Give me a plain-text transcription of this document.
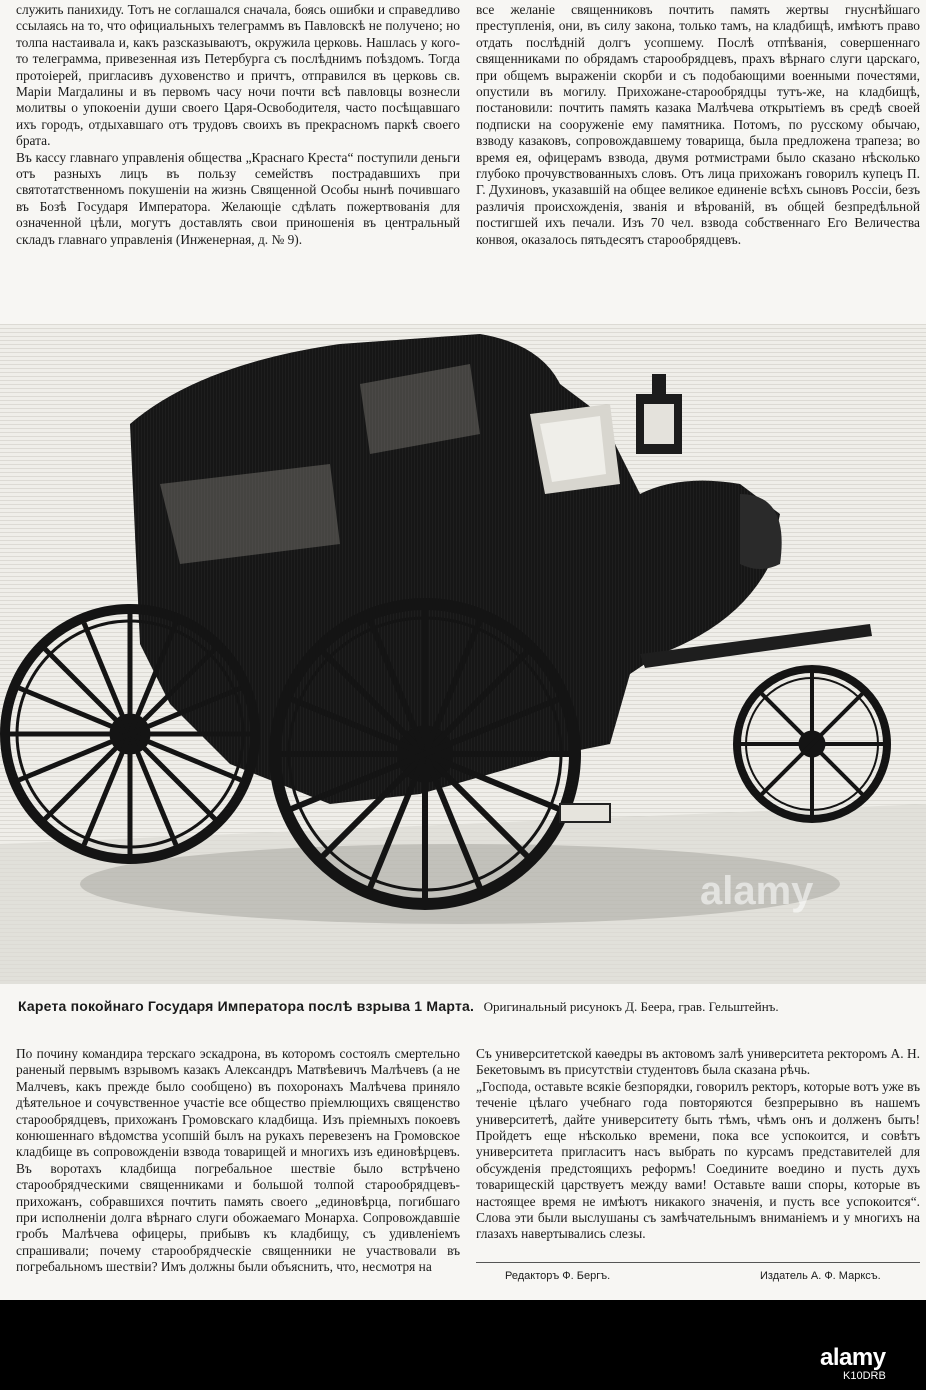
служить панихиду. Тотъ не соглашался сначала, боясь ошибки и справедливо ссылаясь на то, что официальныхъ телеграммъ въ Павловскѣ не получено; но толпа настаивала и, какъ разсказываютъ, окружила церковь. Нашлась у кого-то телеграмма, привезенная изъ Петербурга съ послѣднимъ поѣздомъ. Тогда протоіерей, пригласивъ духовенство и причтъ, отправился въ церковь св. Маріи Магдалины и въ первомъ часу ночи почти всѣ павловцы вознесли молитвы о упокоеніи души своего Царя-Освободителя, часто посѣщавшаго ихъ городъ, отдыхавшаго отъ трудовъ своихъ въ прекрасномъ паркѣ своего брата.
Въ кассу главнаго управленія общества „Краснаго Креста“ поступили деньги отъ разныхъ лицъ въ пользу семействъ пострадавшихъ при святотатственномъ покушеніи на жизнь Священной Особы нынѣ почившаго въ Бозѣ Государя Императора. Желающіе сдѣлать пожертвованія для означенной цѣли, могутъ доставлять свои приношенія въ центральный складъ главнаго управленія (Инженерная, д. № 9).
все желаніе священниковъ почтить память жертвы гнуснѣйшаго преступленія, они, въ силу закона, только тамъ, на кладбищѣ, имѣютъ право отдать послѣдній долгъ усопшему. Послѣ отпѣванія, совершеннаго священниками по обрядамъ старообрядцевъ, прахъ вѣрнаго слуги царскаго, при общемъ выраженіи скорби и съ подобающими военными почестями, опустили въ могилу. Прихожане-старообрядцы тутъ-же, на кладбищѣ, постановили: почтить память казака Малѣчева открытіемъ въ средѣ своей подписки на сооруженіе ему памятника. Потомъ, по русскому обычаю, взводу казаковъ, сопровождавшему товарища, была предложена трапеза; во время ея, офицерамъ взвода, двумя ротмистрами было сказано нѣсколько глубоко прочувствованныхъ словъ. Отъ лица прихожанъ говорилъ купецъ П. Г. Духиновъ, указавшій на общее великое единеніе всѣхъ сыновъ Россіи, безъ различія происхожденія, званія и вѣрованій, въ общей безпредѣльной постигшей ихъ печали. Изъ 70 чел. взвода собственнаго Его Величества конвоя, оказалось пятьдесятъ старообрядцевъ.
alamy
Карета покойнаго Государя Императора послѣ взрыва 1 Марта. Оригинальный рисунокъ Д. Беера, грав. Гельштейнъ.
По почину командира терскаго эскадрона, въ которомъ состоялъ смертельно раненый первымъ взрывомъ казакъ Александръ Матвѣевичъ Малѣчевъ (а не Малчевъ, какъ прежде было сообщено) въ похоронахъ Малѣчева приняло дѣятельное и сочувственное участіе все общество пріемлющихъ священство старообрядцевъ, прихожанъ Громовскаго кладбища. Изъ пріемныхъ покоевъ конюшеннаго вѣдомства усопшій былъ на рукахъ перевезенъ на Громовское кладбище въ сопровожденіи взвода товарищей и многихъ изъ единовѣрцевъ. Въ воротахъ кладбища погребальное шествіе было встрѣчено старообрядческими священниками и большой толпой старообрядцевъ-прихожанъ, собравшихся почтить память своего „единовѣрца, погибшаго при исполненіи долга вѣрнаго слуги обожаемаго Монарха. Сопровождавшіе гробъ Малѣчева офицеры, прибывъ къ кладбищу, съ удивленіемъ спрашивали; почему старообрядческіе священники не участвовали въ погребальномъ шествіи? Имъ должны были объяснить, что, несмотря на
Съ университетской каѳедры въ актовомъ залѣ университета ректоромъ А. Н. Бекетовымъ въ присутствіи студентовъ была сказана рѣчь.
„Господа, оставьте всякіе безпорядки, говорилъ ректоръ, которые вотъ уже въ теченіе цѣлаго учебнаго года повторяются безпрерывно въ нашемъ университетѣ, дайте университету быть тѣмъ, чѣмъ онъ и долженъ быть! Пройдетъ еще нѣсколько времени, пока все успокоится, и совѣтъ университета пригласитъ насъ выбрать по курсамъ представителей для обсужденія предстоящихъ реформъ! Соедините воедино и пусть духъ товарищескій царствуетъ между вами! Оставьте ваши споры, которые въ настоящее время не имѣютъ никакого значенія, и пусть все успокоится“. Слова эти были выслушаны съ замѣчательнымъ вниманіемъ и у многихъ на глазахъ навертывались слезы.
Редакторъ Ф. Бергъ.	Издатель А. Ф. Марксъ.
alamy
K10DRB
